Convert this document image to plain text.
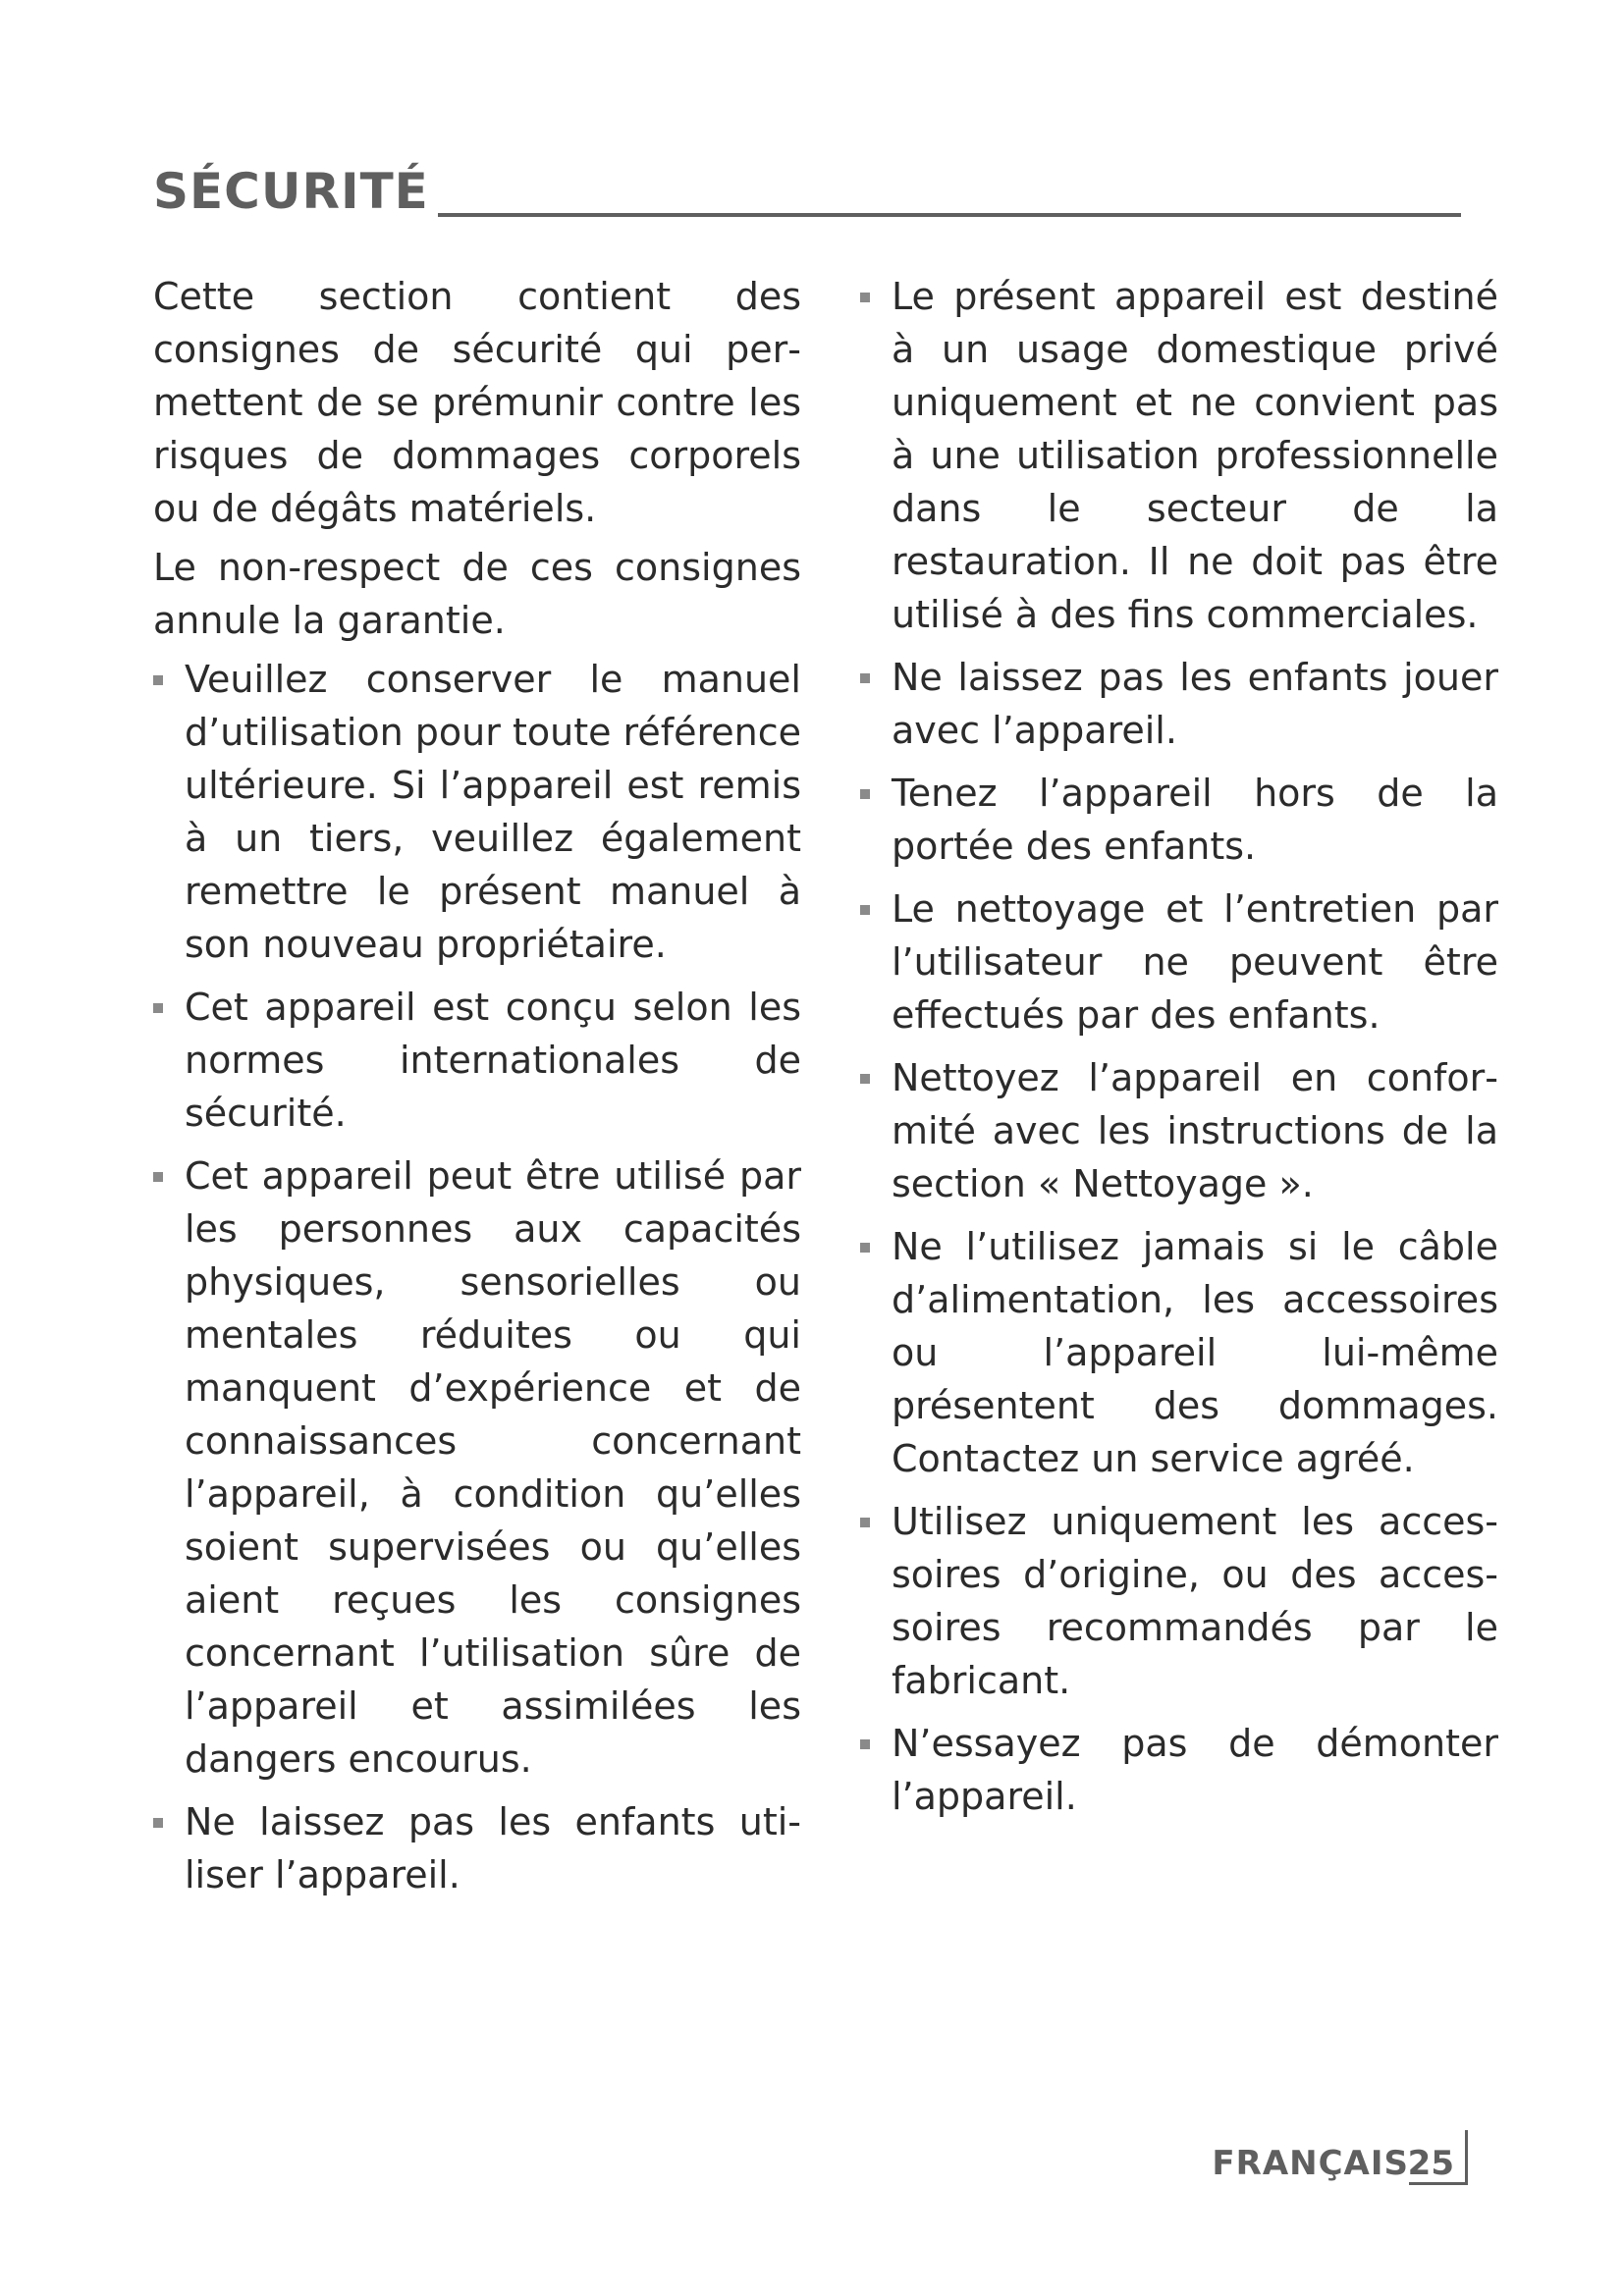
SÉCURITÉ

Cette section contient des consignes de sécurité qui permettent de se prémunir contre les risques de dommages corporels ou de dégâts matériels.

Le non-respect de ces consignes annule la garantie.

Veuillez conserver le manuel d’utilisation pour toute référence ultérieure. Si l’appareil est remis à un tiers, veuillez également remettre le présent manuel à son nouveau propriétaire.
Cet appareil est conçu selon les normes internationales de sécurité.
Cet appareil peut être utilisé par les personnes aux capacités physiques, sensorielles ou mentales réduites ou qui manquent d’expérience et de connaissances concernant l’appareil, à condition qu’elles soient supervisées ou qu’elles aient reçues les consignes concernant l’utilisation sûre de l’appareil et assimilées les dangers encourus.
Ne laissez pas les enfants utiliser l’appareil.
Le présent appareil est destiné à un usage domestique privé uniquement et ne convient pas à une utilisation professionnelle dans le secteur de la restauration. Il ne doit pas être utilisé à des fins commerciales.
Ne laissez pas les enfants jouer avec l’appareil.
Tenez l’appareil hors de la portée des enfants.
Le nettoyage et l’entretien par l’utilisateur ne peuvent être effectués par des enfants.
Nettoyez l’appareil en conformité avec les instructions de la section « Nettoyage ».
Ne l’utilisez jamais si le câble d’alimentation, les accessoires ou l’appareil lui-même présentent des dommages. Contactez un service agréé.
Utilisez uniquement les accessoires d’origine, ou des accessoires recommandés par le fabricant.
N’essayez pas de démonter l’appareil.
FRANÇAIS
25
